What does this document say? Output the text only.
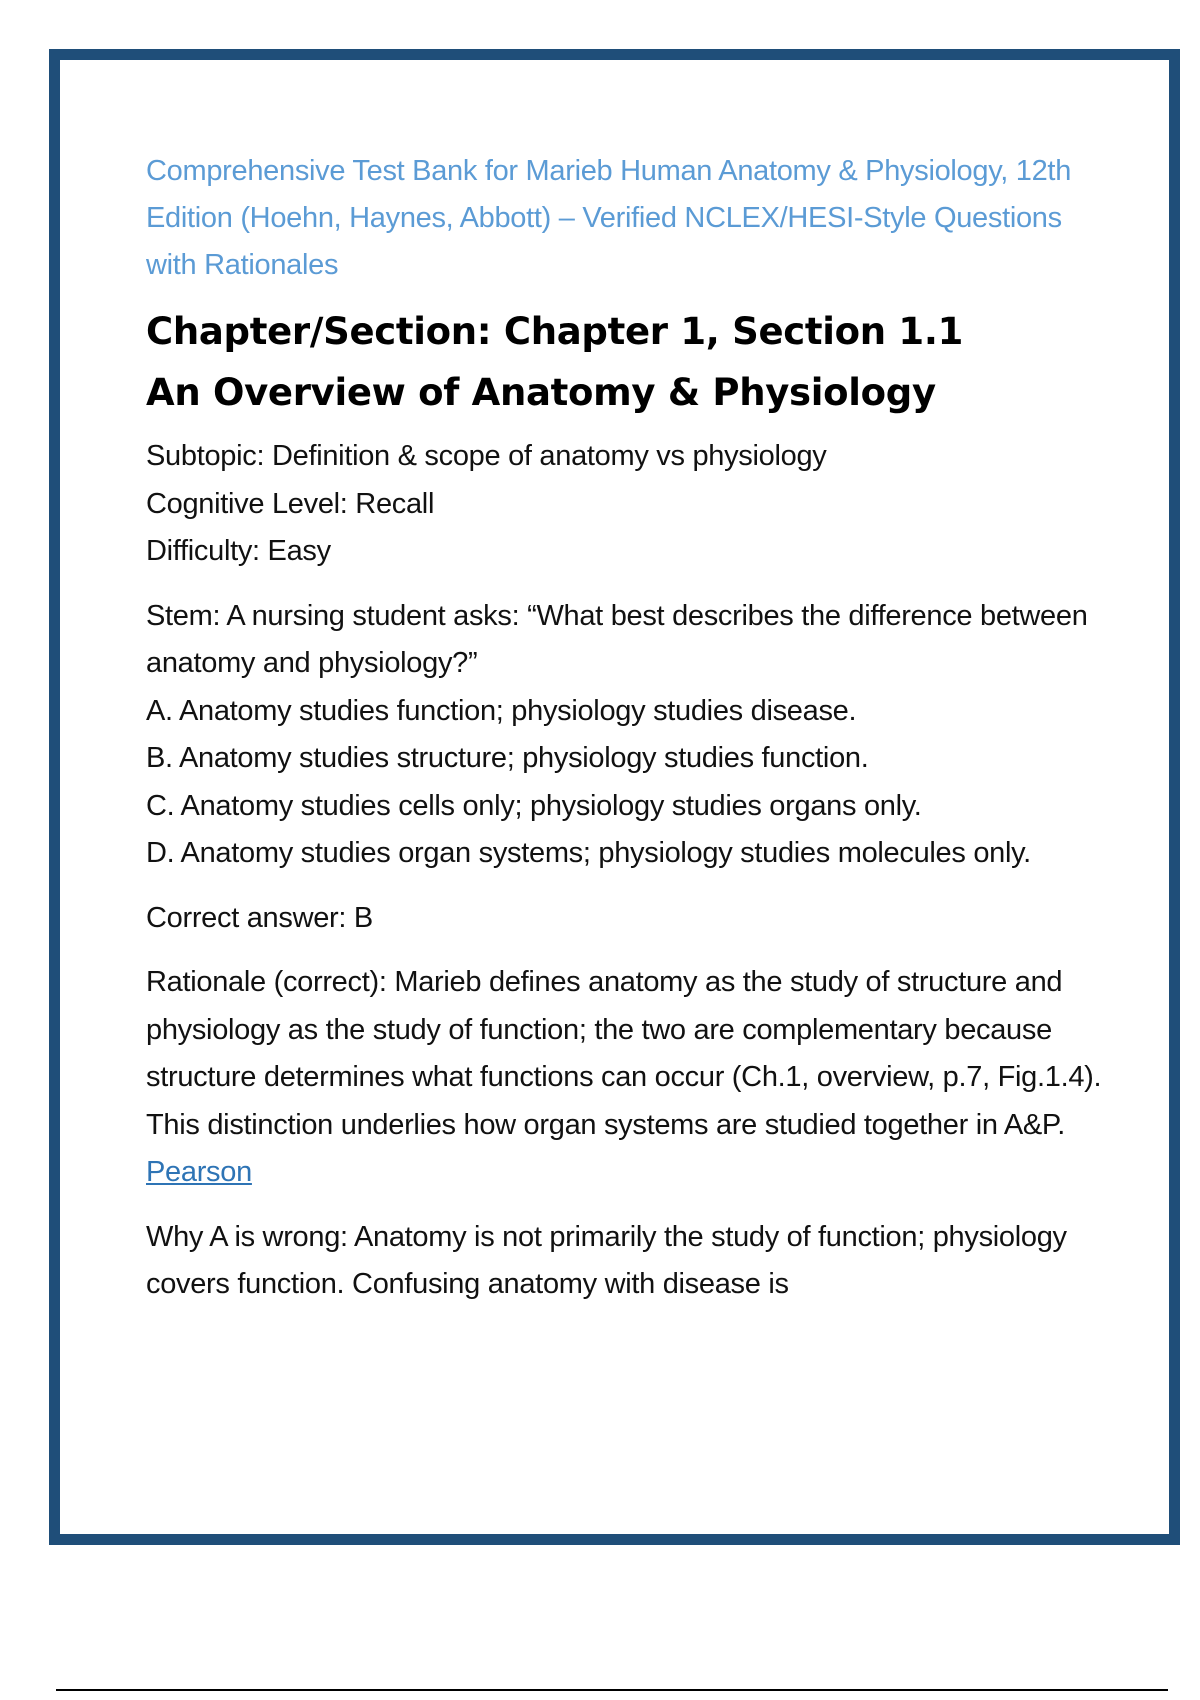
Comprehensive Test Bank for Marieb Human Anatomy & Physiology, 12th Edition (Hoehn, Haynes, Abbott) – Verified NCLEX/HESI-Style Questions with Rationales
Chapter/Section: Chapter 1, Section 1.1
An Overview of Anatomy & Physiology

Subtopic: Definition & scope of anatomy vs physiology
Cognitive Level: Recall
Difficulty: Easy

Stem: A nursing student asks: “What best describes the difference between anatomy and physiology?”
A. Anatomy studies function; physiology studies disease.
B. Anatomy studies structure; physiology studies function.
C. Anatomy studies cells only; physiology studies organs only.
D. Anatomy studies organ systems; physiology studies molecules only.

Correct answer: B

Rationale (correct): Marieb defines anatomy as the study of structure and physiology as the study of function; the two are complementary because structure determines what functions can occur (Ch.1, overview, p.7, Fig.1.4). This distinction underlies how organ systems are studied together in A&P.
Pearson

Why A is wrong: Anatomy is not primarily the study of function; physiology covers function. Confusing anatomy with disease is
